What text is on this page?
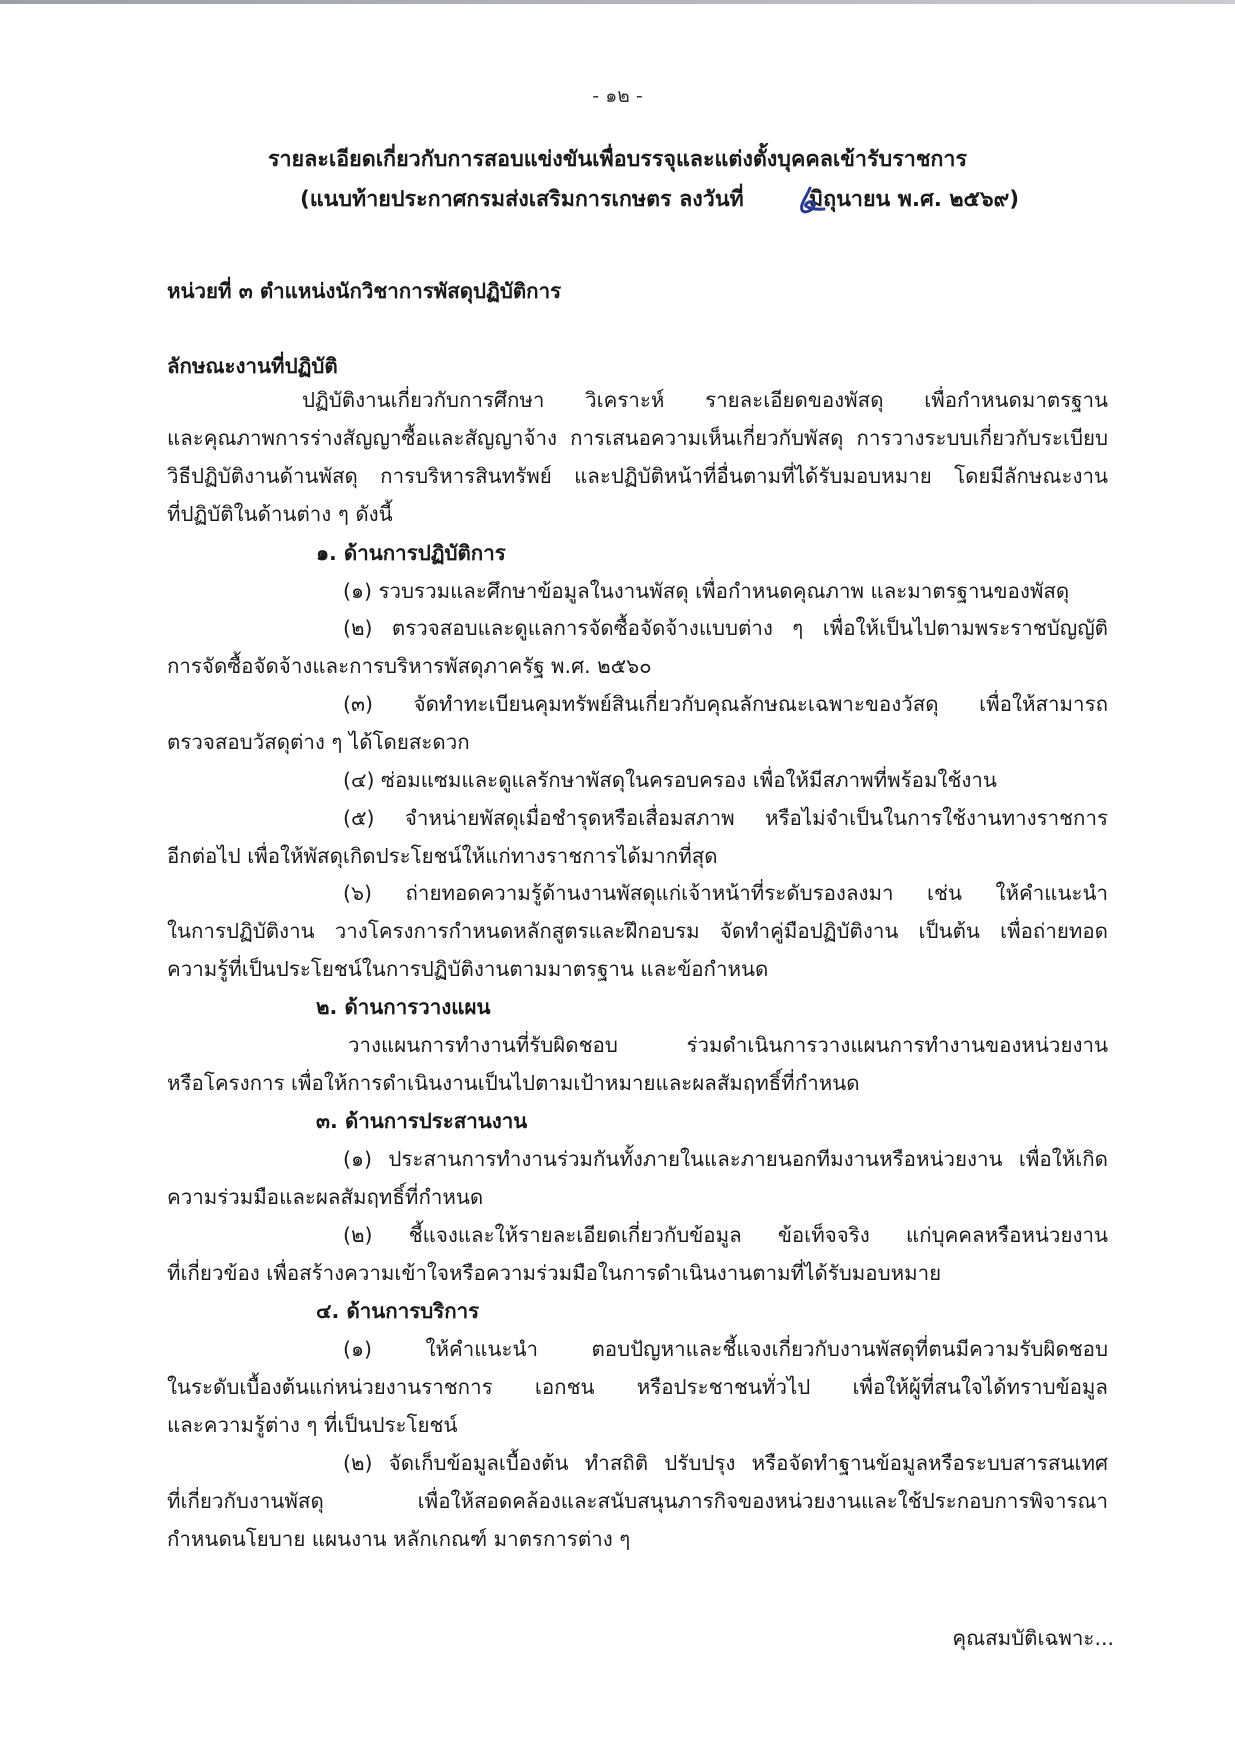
- ๑๒ -
รายละเอียดเกี่ยวกับการสอบแข่งขันเพื่อบรรจุและแต่งตั้งบุคคลเข้ารับราชการ
(แนบท้ายประกาศกรมส่งเสริมการเกษตร ลงวันที่	มิถุนายน พ.ศ. ๒๕๖๙)
หน่วยที่ ๓ ตำแหน่งนักวิชาการพัสดุปฏิบัติการ
ลักษณะงานที่ปฏิบัติ
ปฏิบัติงานเกี่ยวกับการศึกษา วิเคราะห์ รายละเอียดของพัสดุ เพื่อกำหนดมาตรฐาน
และคุณภาพการร่างสัญญาซื้อและสัญญาจ้าง การเสนอความเห็นเกี่ยวกับพัสดุ การวางระบบเกี่ยวกับระเบียบ
วิธีปฏิบัติงานด้านพัสดุ การบริหารสินทรัพย์ และปฏิบัติหน้าที่อื่นตามที่ได้รับมอบหมาย โดยมีลักษณะงาน
ที่ปฏิบัติในด้านต่าง ๆ ดังนี้
๑. ด้านการปฏิบัติการ
(๑) รวบรวมและศึกษาข้อมูลในงานพัสดุ เพื่อกำหนดคุณภาพ และมาตรฐานของพัสดุ
(๒) ตรวจสอบและดูแลการจัดซื้อจัดจ้างแบบต่าง ๆ เพื่อให้เป็นไปตามพระราชบัญญัติ
การจัดซื้อจัดจ้างและการบริหารพัสดุภาครัฐ พ.ศ. ๒๕๖๐
(๓) จัดทำทะเบียนคุมทรัพย์สินเกี่ยวกับคุณลักษณะเฉพาะของวัสดุ เพื่อให้สามารถ
ตรวจสอบวัสดุต่าง ๆ ได้โดยสะดวก
(๔) ซ่อมแซมและดูแลรักษาพัสดุในครอบครอง เพื่อให้มีสภาพที่พร้อมใช้งาน
(๕) จำหน่ายพัสดุเมื่อชำรุดหรือเสื่อมสภาพ หรือไม่จำเป็นในการใช้งานทางราชการ
อีกต่อไป เพื่อให้พัสดุเกิดประโยชน์ให้แก่ทางราชการได้มากที่สุด
(๖) ถ่ายทอดความรู้ด้านงานพัสดุแก่เจ้าหน้าที่ระดับรองลงมา เช่น ให้คำแนะนำ
ในการปฏิบัติงาน วางโครงการกำหนดหลักสูตรและฝึกอบรม จัดทำคู่มือปฏิบัติงาน เป็นต้น เพื่อถ่ายทอด
ความรู้ที่เป็นประโยชน์ในการปฏิบัติงานตามมาตรฐาน และข้อกำหนด
๒. ด้านการวางแผน
วางแผนการทำงานที่รับผิดชอบ ร่วมดำเนินการวางแผนการทำงานของหน่วยงาน
หรือโครงการ เพื่อให้การดำเนินงานเป็นไปตามเป้าหมายและผลสัมฤทธิ์ที่กำหนด
๓. ด้านการประสานงาน
(๑) ประสานการทำงานร่วมกันทั้งภายในและภายนอกทีมงานหรือหน่วยงาน เพื่อให้เกิด
ความร่วมมือและผลสัมฤทธิ์ที่กำหนด
(๒) ชี้แจงและให้รายละเอียดเกี่ยวกับข้อมูล ข้อเท็จจริง แก่บุคคลหรือหน่วยงาน
ที่เกี่ยวข้อง เพื่อสร้างความเข้าใจหรือความร่วมมือในการดำเนินงานตามที่ได้รับมอบหมาย
๔. ด้านการบริการ
(๑) ให้คำแนะนำ ตอบปัญหาและชี้แจงเกี่ยวกับงานพัสดุที่ตนมีความรับผิดชอบ
ในระดับเบื้องต้นแก่หน่วยงานราชการ เอกชน หรือประชาชนทั่วไป เพื่อให้ผู้ที่สนใจได้ทราบข้อมูล
และความรู้ต่าง ๆ ที่เป็นประโยชน์
(๒) จัดเก็บข้อมูลเบื้องต้น ทำสถิติ ปรับปรุง หรือจัดทำฐานข้อมูลหรือระบบสารสนเทศ
ที่เกี่ยวกับงานพัสดุ เพื่อให้สอดคล้องและสนับสนุนภารกิจของหน่วยงานและใช้ประกอบการพิจารณา
กำหนดนโยบาย แผนงาน หลักเกณฑ์ มาตรการต่าง ๆ
คุณสมบัติเฉพาะ...
